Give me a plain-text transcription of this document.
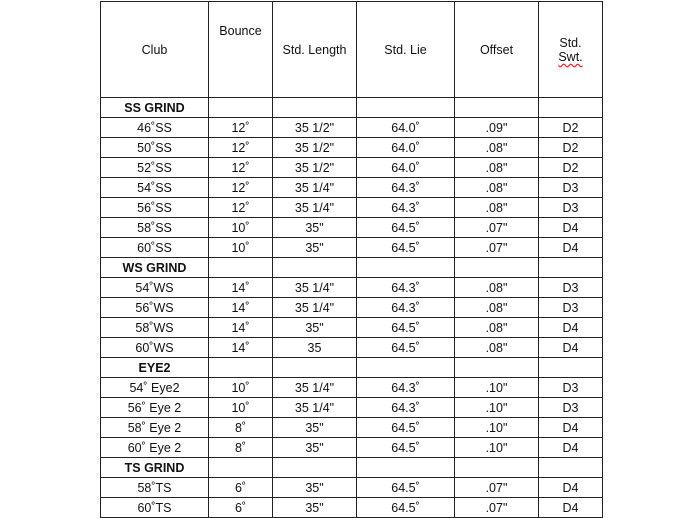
Club	Bounce	Std. Length	Std. Lie	Offset	Std.
Swt.

SS GRIND					
46˚SS	12˚	35 1/2"	64.0˚	.09"	D2
50˚SS	12˚	35 1/2"	64.0˚	.08"	D2
52˚SS	12˚	35 1/2"	64.0˚	.08"	D2
54˚SS	12˚	35 1/4"	64.3˚	.08"	D3
56˚SS	12˚	35 1/4"	64.3˚	.08"	D3
58˚SS	10˚	35"	64.5˚	.07"	D4
60˚SS	10˚	35"	64.5˚	.07"	D4
WS GRIND					
54˚WS	14˚	35 1/4"	64.3˚	.08"	D3
56˚WS	14˚	35 1/4"	64.3˚	.08"	D3
58˚WS	14˚	35"	64.5˚	.08"	D4
60˚WS	14˚	35	64.5˚	.08"	D4
EYE2					
54˚ Eye2	10˚	35 1/4"	64.3˚	.10"	D3
56˚ Eye 2	10˚	35 1/4"	64.3˚	.10"	D3
58˚ Eye 2	8˚	35"	64.5˚	.10"	D4
60˚ Eye 2	8˚	35"	64.5˚	.10"	D4
TS GRIND					
58˚TS	6˚	35"	64.5˚	.07"	D4
60˚TS	6˚	35"	64.5˚	.07"	D4
